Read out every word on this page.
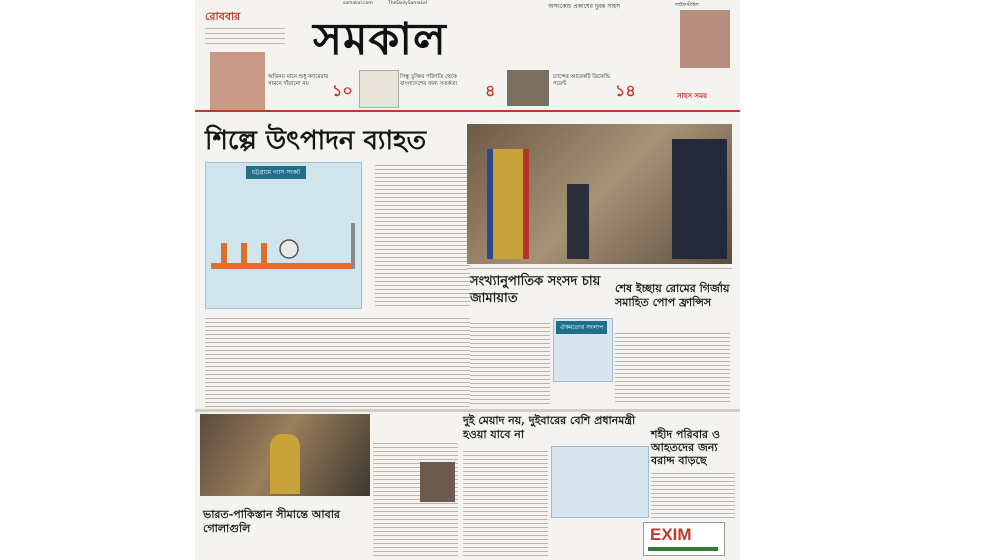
samakal.com	TheDailySamakal	অসংকোচ প্রকাশের দুরন্ত সাহস
রোববার সমকাল
লাইফস্টাইল
সাহস সময়
অভিনয় মানে শুধু ক্যামেরার সামনে দাঁড়ানো নয়	১০
সিন্ধু চুক্তির পরিণতি থেকে বাংলাদেশের জন্য সতর্কতা	৪
চ্যান্সের আরেকটি ডিফেন্ডি পয়েন্ট	১৪
শিল্পে উৎপাদন ব্যাহত
চট্টগ্রামে গ্যাস সংকট
শেষ ইচ্ছায় রোমের গির্জায় সমাহিত পোপ ফ্রান্সিস
সংখ্যানুপাতিক সংসদ চায় জামায়াত
ঐকমত্যের সংলাপ
ভারত-পাকিস্তান সীমান্তে আবার গোলাগুলি
দুই মেয়াদ নয়, দুইবারের বেশি প্রধানমন্ত্রী হওয়া যাবে না	শহীদ পরিবার ও আহতদের জন্য বরাদ্দ বাড়ছে
EXIM
